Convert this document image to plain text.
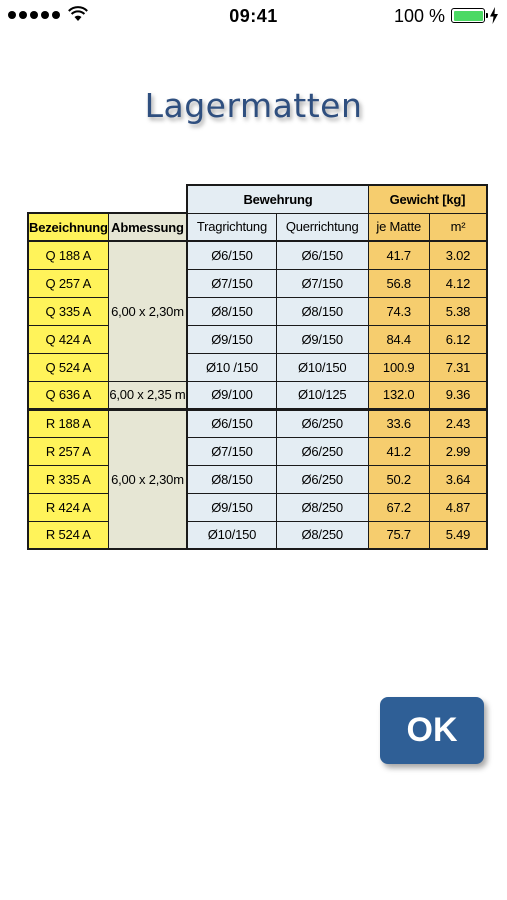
09:41	100 %
Lagermatten
		Bewehrung		Gewicht [kg]	
Bezeichnung	Abmessung	Tragrichtung	Querrichtung	je Matte	m²
Q 188 A	6,00 x 2,30m	Ø6/150	Ø6/150	41.7	3.02
Q 257 A		Ø7/150	Ø7/150	56.8	4.12
Q 335 A		Ø8/150	Ø8/150	74.3	5.38
Q 424 A		Ø9/150	Ø9/150	84.4	6.12
Q 524 A		Ø10 /150	Ø10/150	100.9	7.31
Q 636 A	6,00 x 2,35 m	Ø9/100	Ø10/125	132.0	9.36
R 188 A	6,00 x 2,30m	Ø6/150	Ø6/250	33.6	2.43
R 257 A		Ø7/150	Ø6/250	41.2	2.99
R 335 A		Ø8/150	Ø6/250	50.2	3.64
R 424 A		Ø9/150	Ø8/250	67.2	4.87
R 524 A		Ø10/150	Ø8/250	75.7	5.49
OK
